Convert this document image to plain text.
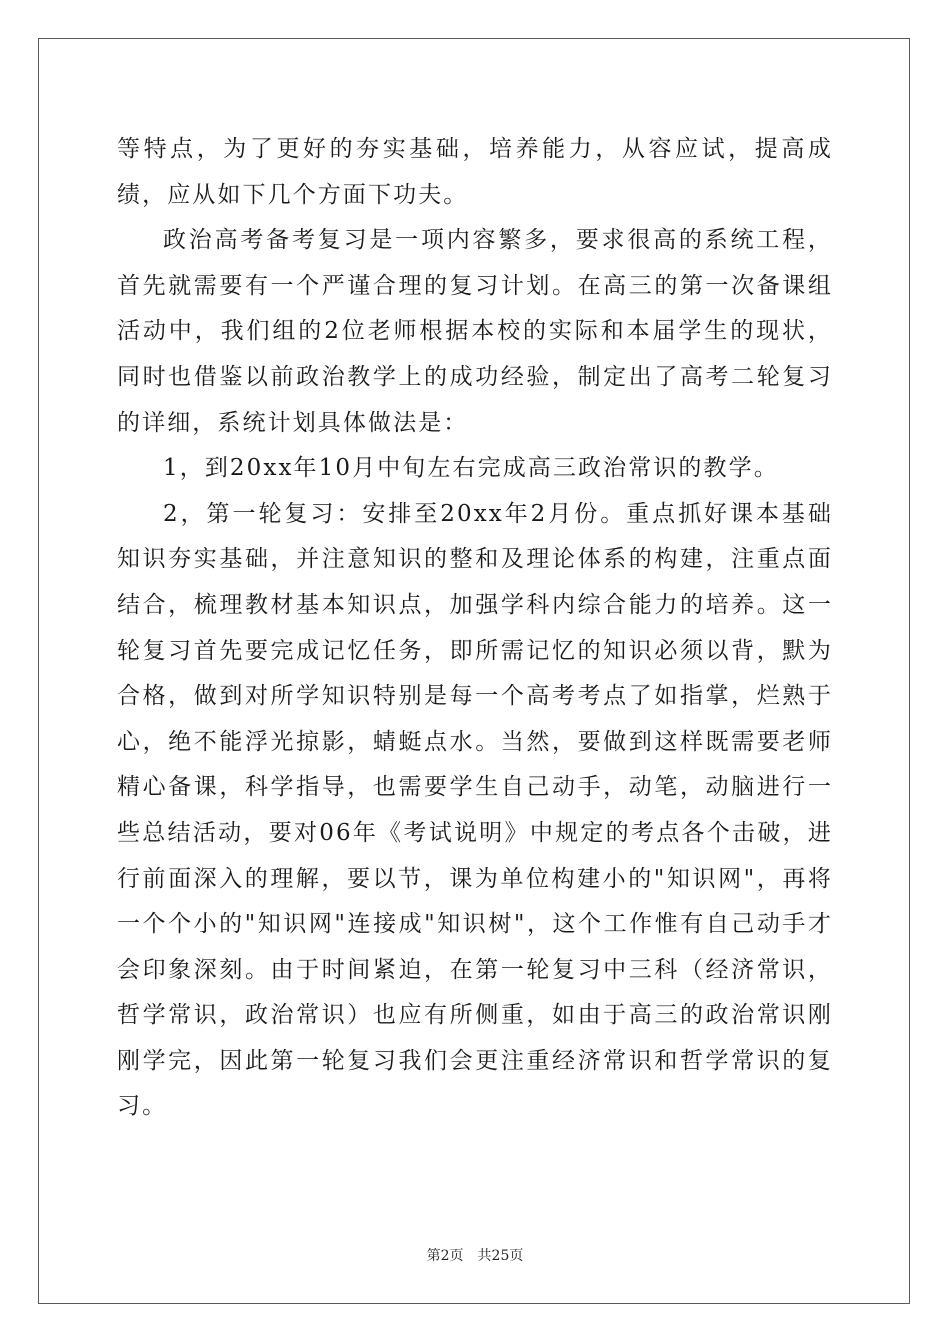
等特点，为了更好的夯实基础，培养能力，从容应试，提高成绩，应从如下几个方面下功夫。

政治高考备考复习是一项内容繁多，要求很高的系统工程，首先就需要有一个严谨合理的复习计划。在高三的第一次备课组活动中，我们组的2位老师根据本校的实际和本届学生的现状，同时也借鉴以前政治教学上的成功经验，制定出了高考二轮复习的详细，系统计划具体做法是：

1，到20xx年10月中旬左右完成高三政治常识的教学。

2，第一轮复习：安排至20xx年2月份。重点抓好课本基础知识夯实基础，并注意知识的整和及理论体系的构建，注重点面结合，梳理教材基本知识点，加强学科内综合能力的培养。这一轮复习首先要完成记忆任务，即所需记忆的知识必须以背，默为合格，做到对所学知识特别是每一个高考考点了如指掌，烂熟于心，绝不能浮光掠影，蜻蜓点水。当然，要做到这样既需要老师精心备课，科学指导，也需要学生自己动手，动笔，动脑进行一些总结活动，要对06年《考试说明》中规定的考点各个击破，进行前面深入的理解，要以节，课为单位构建小的"知识网"，再将一个个小的"知识网"连接成"知识树"，这个工作惟有自己动手才会印象深刻。由于时间紧迫，在第一轮复习中三科（经济常识，哲学常识，政治常识）也应有所侧重，如由于高三的政治常识刚刚学完，因此第一轮复习我们会更注重经济常识和哲学常识的复习。

第2页　共25页
